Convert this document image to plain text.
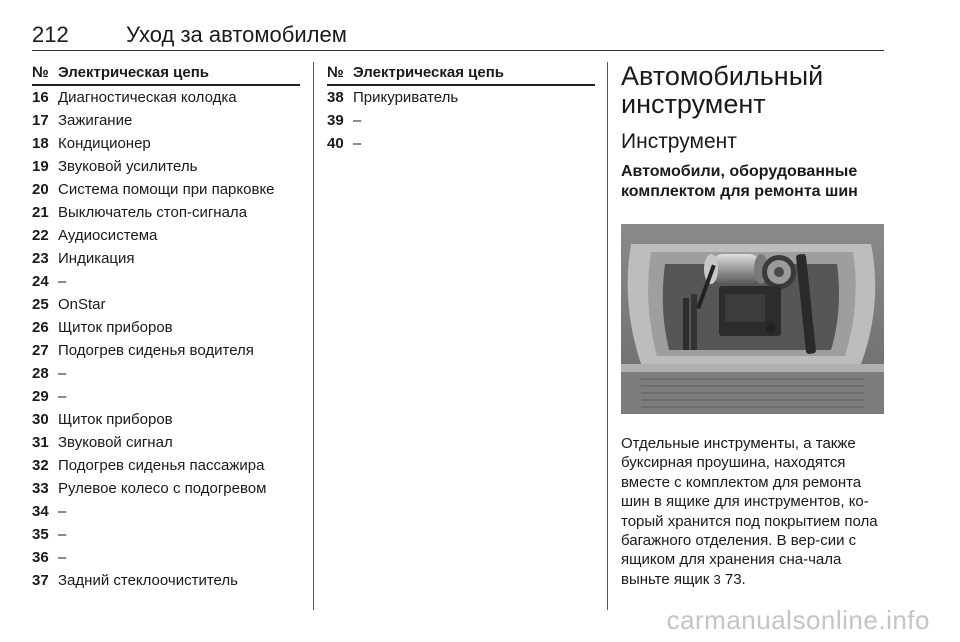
212	Уход за автомобилем
№ Электрическая цепь
16 Диагностическая колодка
17 Зажигание
18 Кондиционер
19 Звуковой усилитель
20 Система помощи при парковке
21 Выключатель стоп-сигнала
22 Аудиосистема
23 Индикация
24 –
25 OnStar
26 Щиток приборов
27 Подогрев сиденья водителя
28 –
29 –
30 Щиток приборов
31 Звуковой сигнал
32 Подогрев сиденья пассажира
33 Рулевое колесо с подогревом
34 –
35 –
36 –
37 Задний стеклоочиститель
№ Электрическая цепь
38 Прикуриватель
39 –
40 –
Автомобильный инструмент
Инструмент
Автомобили, оборудованные комплектом для ремонта шин
Отдельные инструменты, а также буксирная проушина, находятся вместе с комплектом для ремонта шин в ящике для инструментов, ко-торый хранится под покрытием пола багажного отделения. В вер-сии с ящиком для хранения сна-чала выньте ящик 3 73.
carmanualsonline.info
